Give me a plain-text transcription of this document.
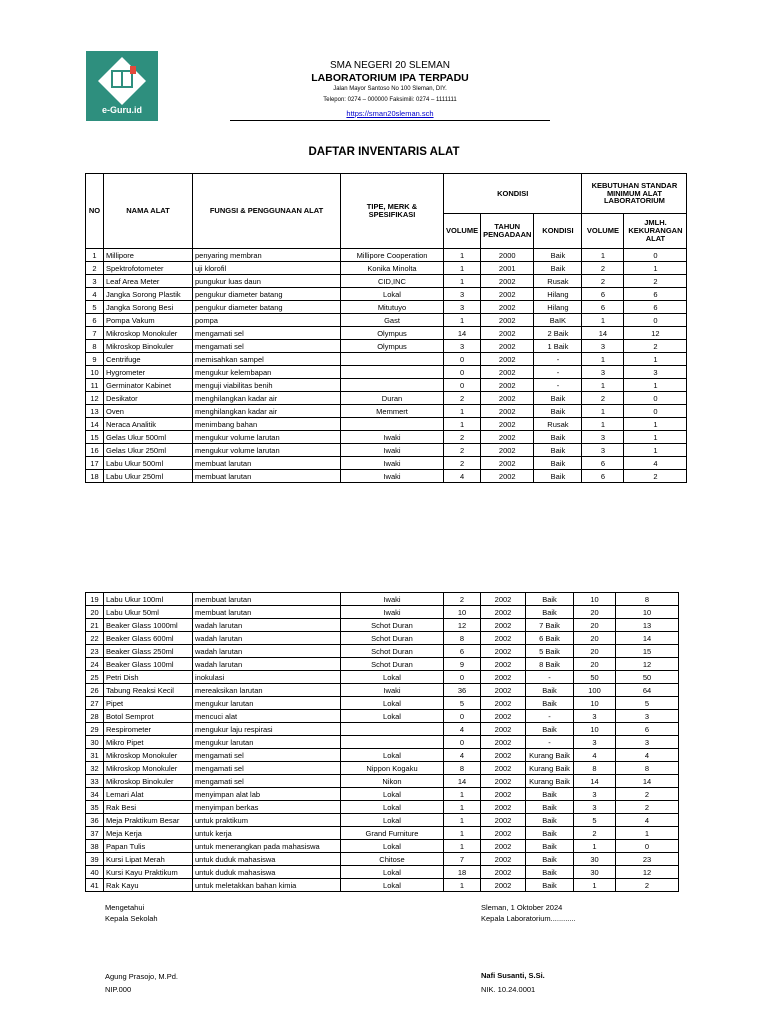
e-Guru.id
SMA NEGERI 20 SLEMAN
LABORATORIUM IPA TERPADU
Jalan Mayor Santoso No 100 Sleman, DIY.
Telepon: 0274 – 000000 Faksimili: 0274 – 1111111
https://sman20sleman.sch
DAFTAR INVENTARIS ALAT
NO	NAMA ALAT	FUNGSI & PENGGUNAAN ALAT	TIPE, MERK & SPESIFIKASI	KONDISI			KEBUTUHAN STANDAR MINIMUM ALAT LABORATORIUM	
				VOLUME	TAHUN PENGADAAN	KONDISI	VOLUME	JMLH. KEKURANGAN ALAT
1	Millipore	penyaring membran	Millipore Cooperation	1	2000	Baik	1	0
2	Spektrofotometer	uji klorofil	Konika Minolta	1	2001	Baik	2	1
3	Leaf Area Meter	pungukur luas daun	CID,INC	1	2002	Rusak	2	2
4	Jangka Sorong Plastik	pengukur diameter batang	Lokal	3	2002	Hilang	6	6
5	Jangka Sorong Besi	pengukur diameter batang	Mitutuyo	3	2002	Hilang	6	6
6	Pompa Vakum	pompa	Gast	1	2002	BaIK	1	0
7	Mikroskop Monokuler	mengamati sel	Olympus	14	2002	2 Baik	14	12
8	Mikroskop Binokuler	mengamati sel	Olympus	3	2002	1 Baik	3	2
9	Centrifuge	memisahkan sampel		0	2002	-	1	1
10	Hygrometer	mengukur kelembapan		0	2002	-	3	3
11	Germinator Kabinet	menguji viabilitas benih		0	2002	-	1	1
12	Desikator	menghilangkan kadar air	Duran	2	2002	Baik	2	0
13	Oven	menghilangkan kadar air	Memmert	1	2002	Baik	1	0
14	Neraca Analitik	menimbang bahan		1	2002	Rusak	1	1
15	Gelas Ukur 500ml	mengukur volume larutan	Iwaki	2	2002	Baik	3	1
16	Gelas Ukur 250ml	mengukur volume larutan	Iwaki	2	2002	Baik	3	1
17	Labu Ukur 500ml	membuat larutan	Iwaki	2	2002	Baik	6	4
18	Labu Ukur 250ml	membuat larutan	Iwaki	4	2002	Baik	6	2
19	Labu Ukur 100ml	membuat larutan	Iwaki	2	2002	Baik	10	8
20	Labu Ukur 50ml	membuat larutan	Iwaki	10	2002	Baik	20	10
21	Beaker Glass 1000ml	wadah larutan	Schot Duran	12	2002	7 Baik	20	13
22	Beaker Glass 600ml	wadah larutan	Schot Duran	8	2002	6 Baik	20	14
23	Beaker Glass 250ml	wadah larutan	Schot Duran	6	2002	5 Baik	20	15
24	Beaker Glass 100ml	wadah larutan	Schot Duran	9	2002	8 Baik	20	12
25	Petri Dish	inokulasi	Lokal	0	2002	-	50	50
26	Tabung Reaksi Kecil	mereaksikan larutan	Iwaki	36	2002	Baik	100	64
27	Pipet	mengukur larutan	Lokal	5	2002	Baik	10	5
28	Botol Semprot	mencuci alat	Lokal	0	2002	-	3	3
29	Respirometer	mengukur laju respirasi		4	2002	Baik	10	6
30	Mikro Pipet	mengukur larutan		0	2002	-	3	3
31	Mikroskop Monokuler	mengamati sel	Lokal	4	2002	Kurang Baik	4	4
32	Mikroskop Monokuler	mengamati sel	Nippon Kogaku	8	2002	Kurang Baik	8	8
33	Mikroskop Binokuler	mengamati sel	Nikon	14	2002	Kurang Baik	14	14
34	Lemari Alat	menyimpan alat lab	Lokal	1	2002	Baik	3	2
35	Rak Besi	menyimpan berkas	Lokal	1	2002	Baik	3	2
36	Meja Praktikum Besar	untuk praktikum	Lokal	1	2002	Baik	5	4
37	Meja Kerja	untuk kerja	Grand Furniture	1	2002	Baik	2	1
38	Papan Tulis	untuk menerangkan pada mahasiswa	Lokal	1	2002	Baik	1	0
39	Kursi Lipat Merah	untuk duduk mahasiswa	Chitose	7	2002	Baik	30	23
40	Kursi Kayu Praktikum	untuk duduk mahasiswa	Lokal	18	2002	Baik	30	12
41	Rak Kayu	untuk meletakkan bahan kimia	Lokal	1	2002	Baik	1	2
Mengetahui
Kepala Sekolah
Agung Prasojo, M.Pd.
NIP.000
Sleman, 1 Oktober 2024
Kepala Laboratorium............
Nafi Susanti, S.Si.
NIK. 10.24.0001
